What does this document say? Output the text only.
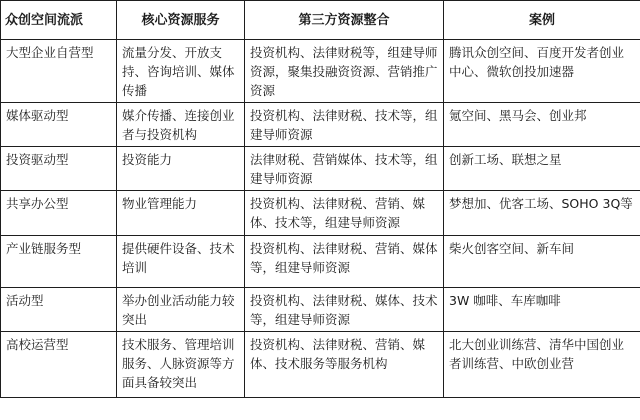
众创空间流派	核心资源服务	第三方资源整合	案例
大型企业自营型	流量分发、开放支持、咨询培训、媒体传播	投资机构、法律财税等，组建导师资源，聚集投融资资源、营销推广资源	腾讯众创空间、百度开发者创业中心、微软创投加速器
媒体驱动型	媒介传播、连接创业者与投资机构	投资机构、法律财税、技术等，组建导师资源	氪空间、黑马会、创业邦
投资驱动型	投资能力	法律财税、营销媒体、技术等，组建导师资源	创新工场、联想之星
共享办公型	物业管理能力	投资机构、法律财税、营销、媒体、技术等，组建导师资源	梦想加、优客工场、SOHO 3Q等
产业链服务型	提供硬件设备、技术培训	投资机构、法律财税、营销、媒体等，组建导师资源	柴火创客空间、新车间
活动型	举办创业活动能力较突出	投资机构、法律财税、媒体、技术等，组建导师资源	3W 咖啡、车库咖啡
高校运营型	技术服务、管理培训服务、人脉资源等方面具备较突出	投资机构、法律财税、营销、媒体、技术服务等服务机构	北大创业训练营、清华中国创业者训练营、中欧创业营
